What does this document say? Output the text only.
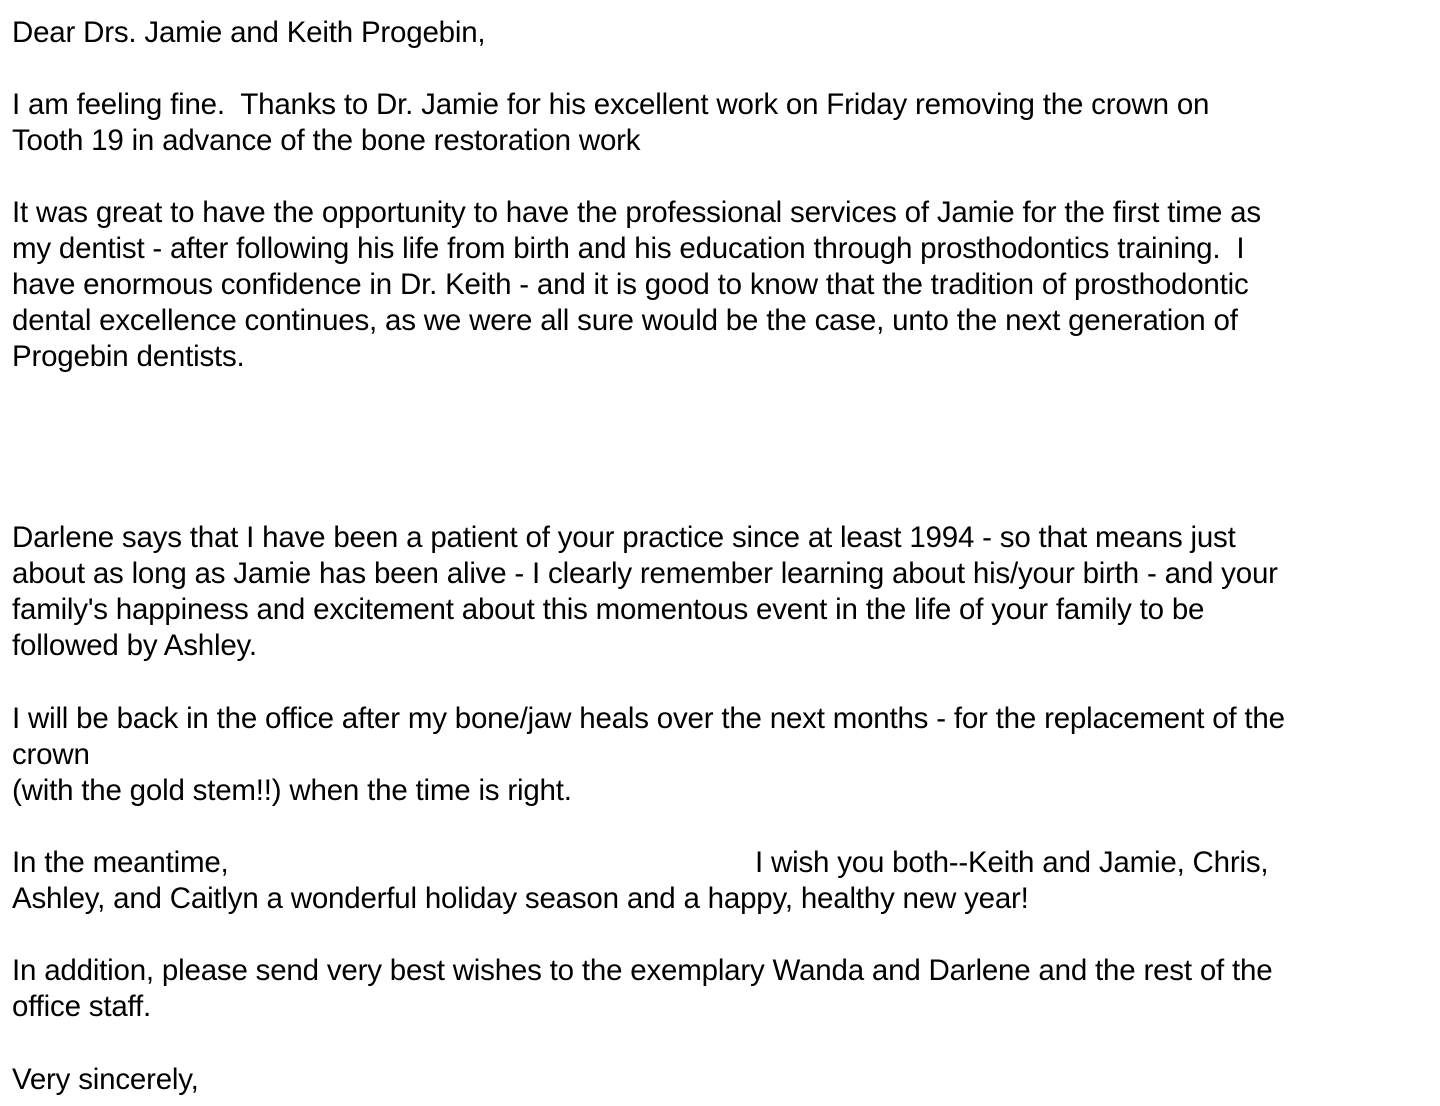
Dear Drs. Jamie and Keith Progebin,
I am feeling fine.  Thanks to Dr. Jamie for his excellent work on Friday removing the crown on
Tooth 19 in advance of the bone restoration work
It was great to have the opportunity to have the professional services of Jamie for the first time as
my dentist - after following his life from birth and his education through prosthodontics training.  I
have enormous confidence in Dr. Keith - and it is good to know that the tradition of prosthodontic
dental excellence continues, as we were all sure would be the case, unto the next generation of
Progebin dentists.
Darlene says that I have been a patient of your practice since at least 1994 - so that means just
about as long as Jamie has been alive - I clearly remember learning about his/your birth - and your
family's happiness and excitement about this momentous event in the life of your family to be
followed by Ashley.
I will be back in the office after my bone/jaw heals over the next months - for the replacement of the
crown
(with the gold stem!!) when the time is right.
In the meantime,	I wish you both--Keith and Jamie, Chris,
Ashley, and Caitlyn a wonderful holiday season and a happy, healthy new year!
In addition, please send very best wishes to the exemplary Wanda and Darlene and the rest of the
office staff.
Very sincerely,
